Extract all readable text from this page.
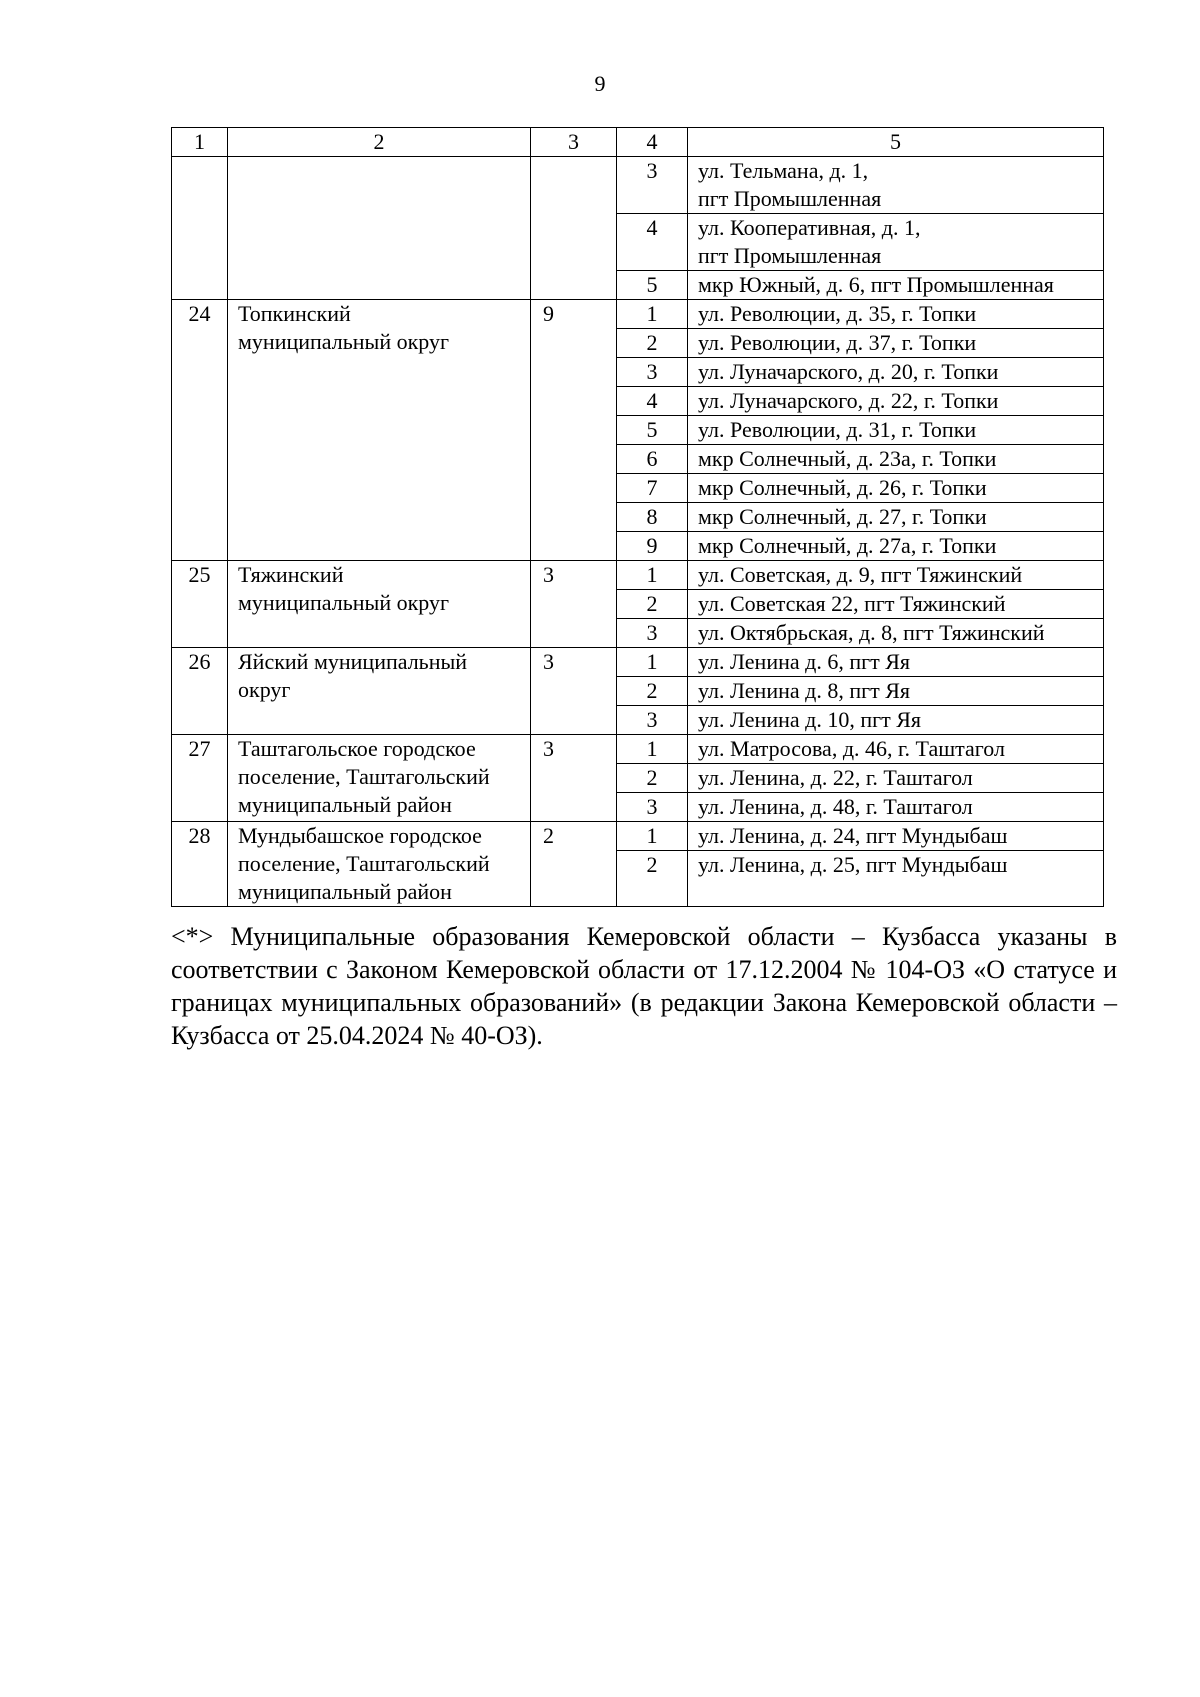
9
1	2	3	4	5
			3	ул. Тельмана, д. 1,
пгт Промышленная
			4	ул. Кооперативная, д. 1,
пгт Промышленная
			5	мкр Южный, д. 6, пгт Промышленная
24	Топкинский
муниципальный округ	9	1	ул. Революции, д. 35, г. Топки
			2	ул. Революции, д. 37, г. Топки
			3	ул. Луначарского, д. 20, г. Топки
			4	ул. Луначарского, д. 22, г. Топки
			5	ул. Революции, д. 31, г. Топки
			6	мкр Солнечный, д. 23а, г. Топки
			7	мкр Солнечный, д. 26, г. Топки
			8	мкр Солнечный, д. 27, г. Топки
			9	мкр Солнечный, д. 27а, г. Топки
25	Тяжинский
муниципальный округ	3	1	ул. Советская, д. 9, пгт Тяжинский
			2	ул. Советская 22, пгт Тяжинский
			3	ул. Октябрьская, д. 8, пгт Тяжинский
26	Яйский муниципальный
округ	3	1	ул. Ленина д. 6, пгт Яя
			2	ул. Ленина д. 8, пгт Яя
			3	ул. Ленина д. 10, пгт Яя
27	Таштагольское городское
поселение, Таштагольский
муниципальный район	3	1	ул. Матросова, д. 46, г. Таштагол
			2	ул. Ленина, д. 22, г. Таштагол
			3	ул. Ленина, д. 48, г. Таштагол
28	Мундыбашское городское
поселение, Таштагольский
муниципальный район	2	1	ул. Ленина, д. 24, пгт Мундыбаш
			2	ул. Ленина, д. 25, пгт Мундыбаш
<*> Муниципальные образования Кемеровской области – Кузбасса указаны в соответствии с Законом Кемеровской области от 17.12.2004 № 104-ОЗ «О статусе и границах муниципальных образований» (в редакции Закона Кемеровской области – Кузбасса от 25.04.2024 № 40-ОЗ).
